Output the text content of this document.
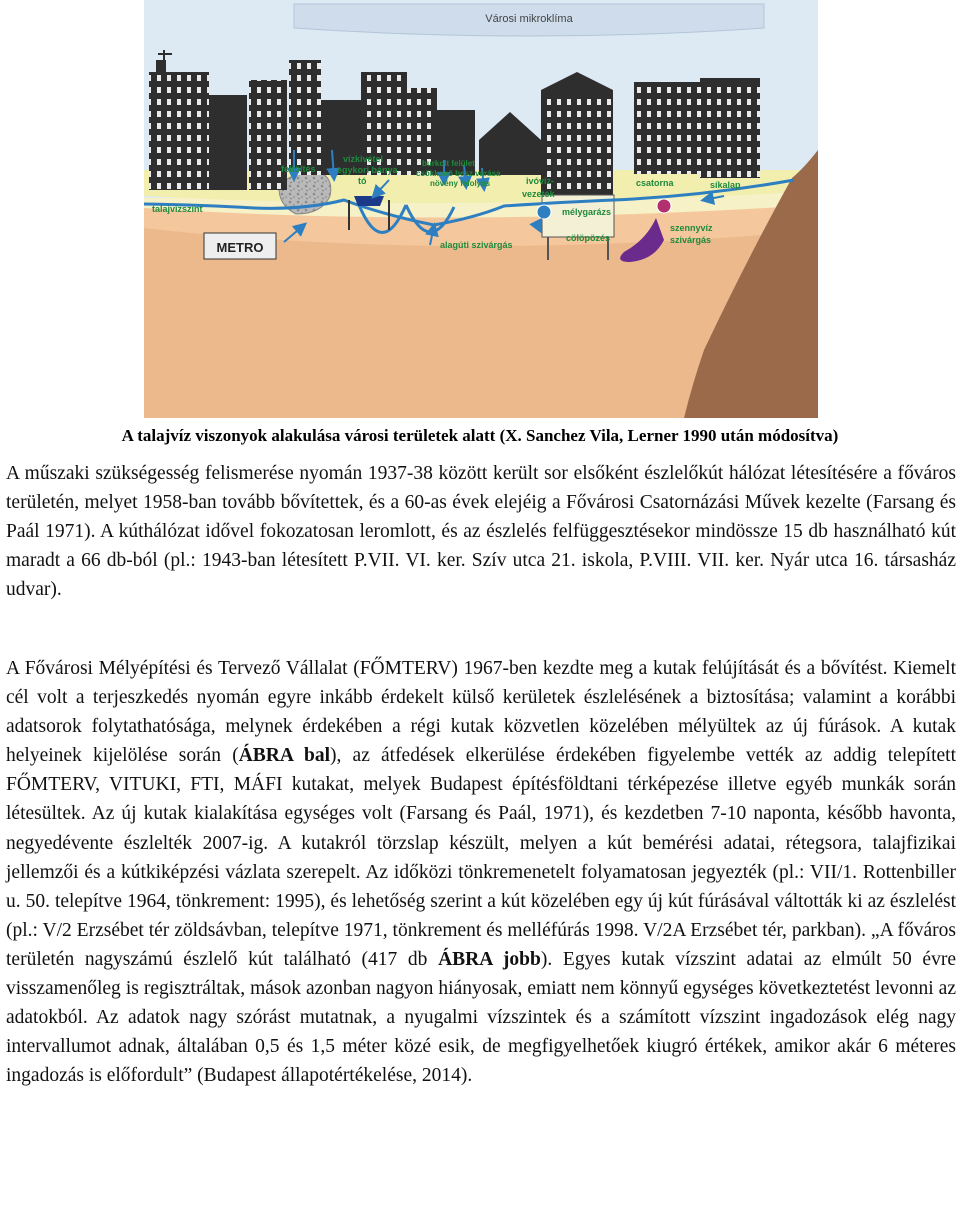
Városi mikroklíma
METRO
feltöltés
vízkivétel
egykori bánya
tó
burkolt felület
csökkenő besz.várása
növény felolyás	ivóvíz-
vezeték
csatorna	síkalap
talajvízszint	mélygarázs
cölöpözés
szennyvíz
szivárgás
alagúti szivárgás
A talajvíz viszonyok alakulása városi területek alatt (X. Sanchez Vila, Lerner 1990 után módosítva)

A műszaki szükségesség felismerése nyomán 1937-38 között került sor elsőként észlelőkút hálózat létesítésére a főváros területén, melyet 1958-ban tovább bővítettek, és a 60-as évek elejéig a Fővárosi Csatornázási Művek kezelte (Farsang és Paál 1971). A kúthálózat idővel fokozatosan leromlott, és az észlelés felfüggesztésekor mindössze 15 db használható kút maradt a 66 db-ból (pl.: 1943-ban létesített P.VII. VI. ker. Szív utca 21. iskola, P.VIII. VII. ker. Nyár utca 16. társasház udvar).

A Fővárosi Mélyépítési és Tervező Vállalat (FŐMTERV) 1967-ben kezdte meg a kutak felújítását és a bővítést. Kiemelt cél volt a terjeszkedés nyomán egyre inkább érdekelt külső kerületek észlelésének a biztosítása; valamint a korábbi adatsorok folytathatósága, melynek érdekében a régi kutak közvetlen közelében mélyültek az új fúrások. A kutak helyeinek kijelölése során (ÁBRA bal), az átfedések elkerülése érdekében figyelembe vették az addig telepített FŐMTERV, VITUKI, FTI, MÁFI kutakat, melyek Budapest építésföldtani térképezése illetve egyéb munkák során létesültek. Az új kutak kialakítása egységes volt (Farsang és Paál, 1971), és kezdetben 7-10 naponta, később havonta, negyedévente észlelték 2007-ig. A kutakról törzslap készült, melyen a kút bemérési adatai, rétegsora, talajfizikai jellemzői és a kútkiképzési vázlata szerepelt. Az időközi tönkremenetelt folyamatosan jegyezték (pl.: VII/1. Rottenbiller u. 50. telepítve 1964, tönkrement: 1995), és lehetőség szerint a kút közelében egy új kút fúrásával váltották ki az észlelést (pl.: V/2 Erzsébet tér zöldsávban, telepítve 1971, tönkrement és melléfúrás 1998. V/2A Erzsébet tér, parkban). „A főváros területén nagyszámú észlelő kút található (417 db ÁBRA jobb). Egyes kutak vízszint adatai az elmúlt 50 évre visszamenőleg is regisztráltak, mások azonban nagyon hiányosak, emiatt nem könnyű egységes következtetést levonni az adatokból. Az adatok nagy szórást mutatnak, a nyugalmi vízszintek és a számított vízszint ingadozások elég nagy intervallumot adnak, általában 0,5 és 1,5 méter közé esik, de megfigyelhetőek kiugró értékek, amikor akár 6 méteres ingadozás is előfordult” (Budapest állapotértékelése, 2014).
